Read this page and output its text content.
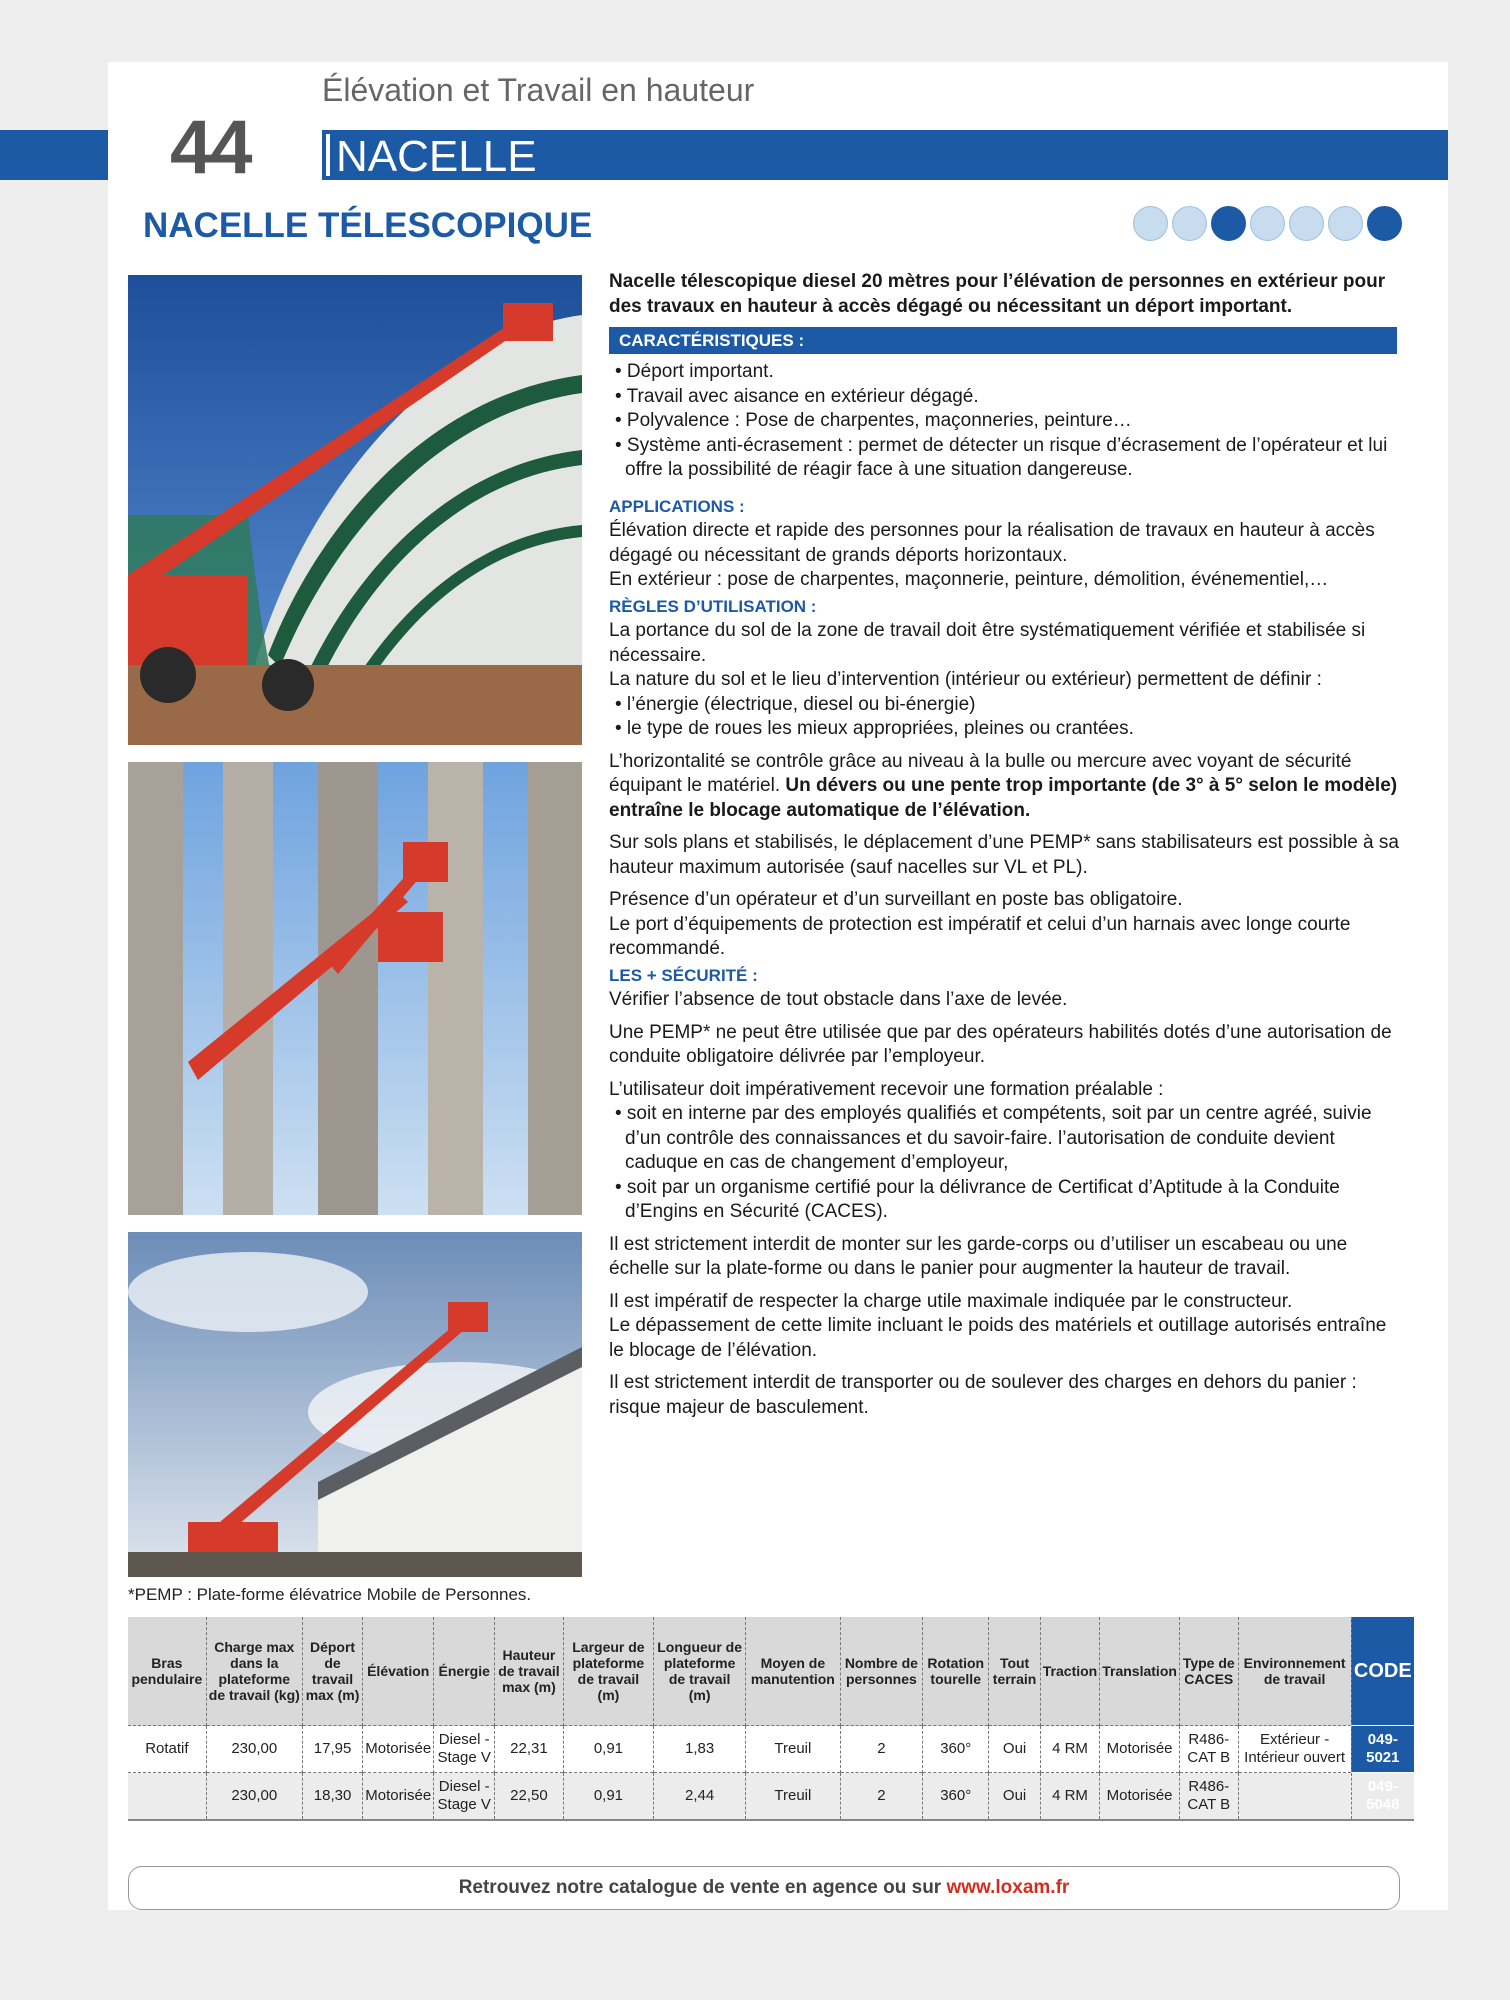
44
Élévation et Travail en hauteur
NACELLE
NACELLE TÉLESCOPIQUE
*PEMP : Plate-forme élévatrice Mobile de Personnes.

Nacelle télescopique diesel 20 mètres pour l’élévation de personnes en extérieur pour des travaux en hauteur à accès dégagé ou nécessitant un déport important.

CARACTÉRISTIQUES :

• Déport important.

• Travail avec aisance en extérieur dégagé.

• Polyvalence : Pose de charpentes, maçonneries, peinture…

• Système anti-écrasement : permet de détecter un risque d’écrasement de l’opérateur et lui offre la possibilité de réagir face à une situation dangereuse.

APPLICATIONS :

Élévation directe et rapide des personnes pour la réalisation de travaux en hauteur à accès dégagé ou nécessitant de grands déports horizontaux.

En extérieur : pose de charpentes, maçonnerie, peinture, démolition, événementiel,…

RÈGLES D’UTILISATION :

La portance du sol de la zone de travail doit être systématiquement vérifiée et stabilisée si nécessaire.

La nature du sol et le lieu d’intervention (intérieur ou extérieur) permettent de définir :

• l’énergie (électrique, diesel ou bi-énergie)

• le type de roues les mieux appropriées, pleines ou crantées.

L’horizontalité se contrôle grâce au niveau à la bulle ou mercure avec voyant de sécurité équipant le matériel. Un dévers ou une pente trop importante (de 3° à 5° selon le modèle) entraîne le blocage automatique de l’élévation.

Sur sols plans et stabilisés, le déplacement d’une PEMP* sans stabilisateurs est possible à sa hauteur maximum autorisée (sauf nacelles sur VL et PL).

Présence d’un opérateur et d’un surveillant en poste bas obligatoire.

Le port d’équipements de protection est impératif et celui d’un harnais avec longe courte recommandé.

LES + SÉCURITÉ :

Vérifier l’absence de tout obstacle dans l’axe de levée.

Une PEMP* ne peut être utilisée que par des opérateurs habilités dotés d’une autorisation de conduite obligatoire délivrée par l’employeur.

L’utilisateur doit impérativement recevoir une formation préalable :

• soit en interne par des employés qualifiés et compétents, soit par un centre agréé, suivie d’un contrôle des connaissances et du savoir-faire. l’autorisation de conduite devient caduque en cas de changement d’employeur,

• soit par un organisme certifié pour la délivrance de Certificat d’Aptitude à la Conduite d’Engins en Sécurité (CACES).

Il est strictement interdit de monter sur les garde-corps ou d’utiliser un escabeau ou une échelle sur la plate-forme ou dans le panier pour augmenter la hauteur de travail.

Il est impératif de respecter la charge utile maximale indiquée par le constructeur.

Le dépassement de cette limite incluant le poids des matériels et outillage autorisés entraîne le blocage de l’élévation.

Il est strictement interdit de transporter ou de soulever des charges en dehors du panier : risque majeur de basculement.

Bras pendulaire	Charge max dans la plateforme de travail (kg)	Déport de travail max (m)	Élévation	Énergie	Hauteur de travail max (m)	Largeur de plateforme de travail (m)	Longueur de plateforme de travail (m)	Moyen de manutention	Nombre de personnes	Rotation tourelle	Tout terrain	Traction	Translation	Type de CACES	Environnement de travail	CODE
Rotatif	230,00	17,95	Motorisée	Diesel - Stage V	22,31	0,91	1,83	Treuil	2	360°	Oui	4 RM	Motorisée	R486- CAT B	Extérieur - Intérieur ouvert	049-5021
	230,00	18,30	Motorisée	Diesel - Stage V	22,50	0,91	2,44	Treuil	2	360°	Oui	4 RM	Motorisée	R486- CAT B		049-5048
Retrouvez notre catalogue de vente en agence ou sur www.loxam.fr
